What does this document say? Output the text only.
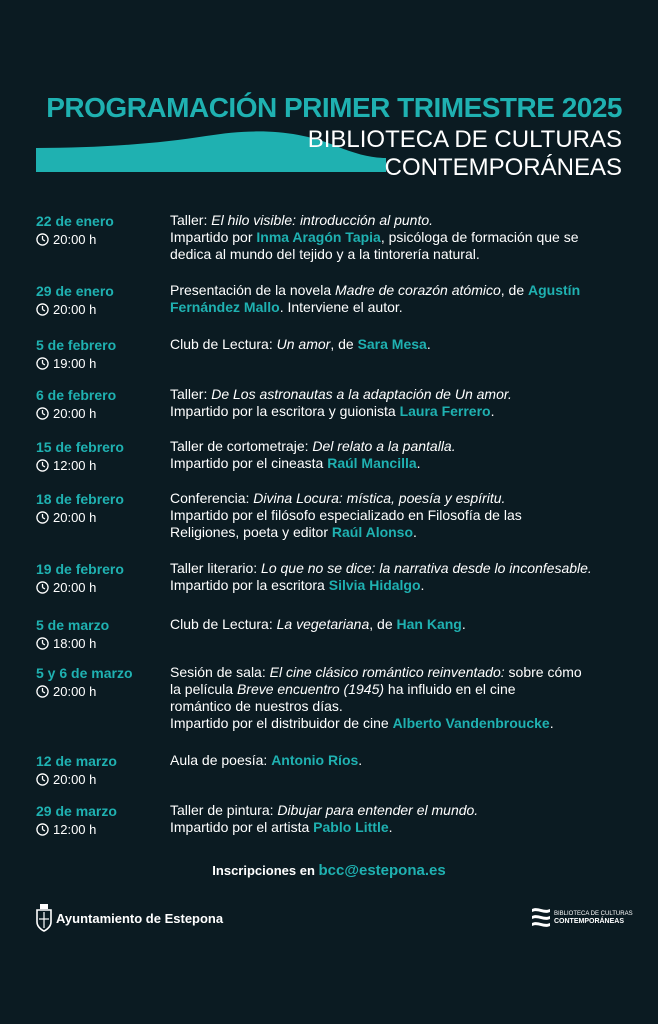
PROGRAMACIÓN PRIMER TRIMESTRE 2025
BIBLIOTECA DE CULTURAS
CONTEMPORÁNEAS
22 de enero
20:00 h
Taller: El hilo visible: introducción al punto.
Impartido por Inma Aragón Tapia, psicóloga de formación que se
dedica al mundo del tejido y a la tintorería natural.
29 de enero
20:00 h
Presentación de la novela Madre de corazón atómico, de Agustín
Fernández Mallo. Interviene el autor.
5 de febrero
19:00 h
Club de Lectura: Un amor, de Sara Mesa.
6 de febrero
20:00 h
Taller: De Los astronautas a la adaptación de Un amor.
Impartido por la escritora y guionista Laura Ferrero.
15 de febrero
12:00 h
Taller de cortometraje: Del relato a la pantalla.
Impartido por el cineasta Raúl Mancilla.
18 de febrero
20:00 h
Conferencia: Divina Locura: mística, poesía y espíritu.
Impartido por el filósofo especializado en Filosofía de las
Religiones, poeta y editor Raúl Alonso.
19 de febrero
20:00 h
Taller literario: Lo que no se dice: la narrativa desde lo inconfesable.
Impartido por la escritora Silvia Hidalgo.
5 de marzo
18:00 h
Club de Lectura: La vegetariana, de Han Kang.
5 y 6 de marzo
20:00 h
Sesión de sala: El cine clásico romántico reinventado: sobre cómo
la película Breve encuentro (1945) ha influido en el cine
romántico de nuestros días.
Impartido por el distribuidor de cine Alberto Vandenbroucke.
12 de marzo
20:00 h
Aula de poesía: Antonio Ríos.
29 de marzo
12:00 h
Taller de pintura: Dibujar para entender el mundo.
Impartido por el artista Pablo Little.
Inscripciones en bcc@estepona.es
Ayuntamiento de Estepona	BIBLIOTECA DE CULTURAS
CONTEMPORÁNEAS
